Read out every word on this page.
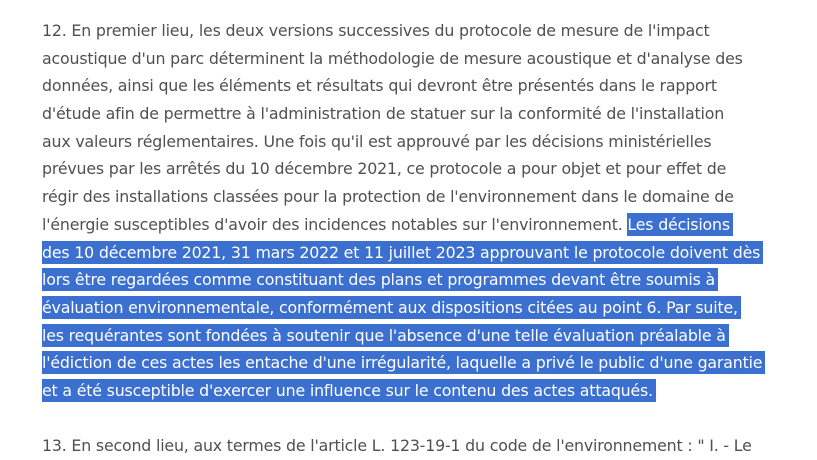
12. En premier lieu, les deux versions successives du protocole de mesure de l'impact
acoustique d'un parc déterminent la méthodologie de mesure acoustique et d'analyse des
données, ainsi que les éléments et résultats qui devront être présentés dans le rapport
d'étude afin de permettre à l'administration de statuer sur la conformité de l'installation
aux valeurs réglementaires. Une fois qu'il est approuvé par les décisions ministérielles
prévues par les arrêtés du 10 décembre 2021, ce protocole a pour objet et pour effet de
régir des installations classées pour la protection de l'environnement dans le domaine de
l'énergie susceptibles d'avoir des incidences notables sur l'environnement. Les décisions
des 10 décembre 2021, 31 mars 2022 et 11 juillet 2023 approuvant le protocole doivent dès
lors être regardées comme constituant des plans et programmes devant être soumis à
évaluation environnementale, conformément aux dispositions citées au point 6. Par suite,
les requérantes sont fondées à soutenir que l'absence d'une telle évaluation préalable à
l'édiction de ces actes les entache d'une irrégularité, laquelle a privé le public d'une garantie
et a été susceptible d'exercer une influence sur le contenu des actes attaqués.
13. En second lieu, aux termes de l'article L. 123-19-1 du code de l'environnement : " I. - Le
